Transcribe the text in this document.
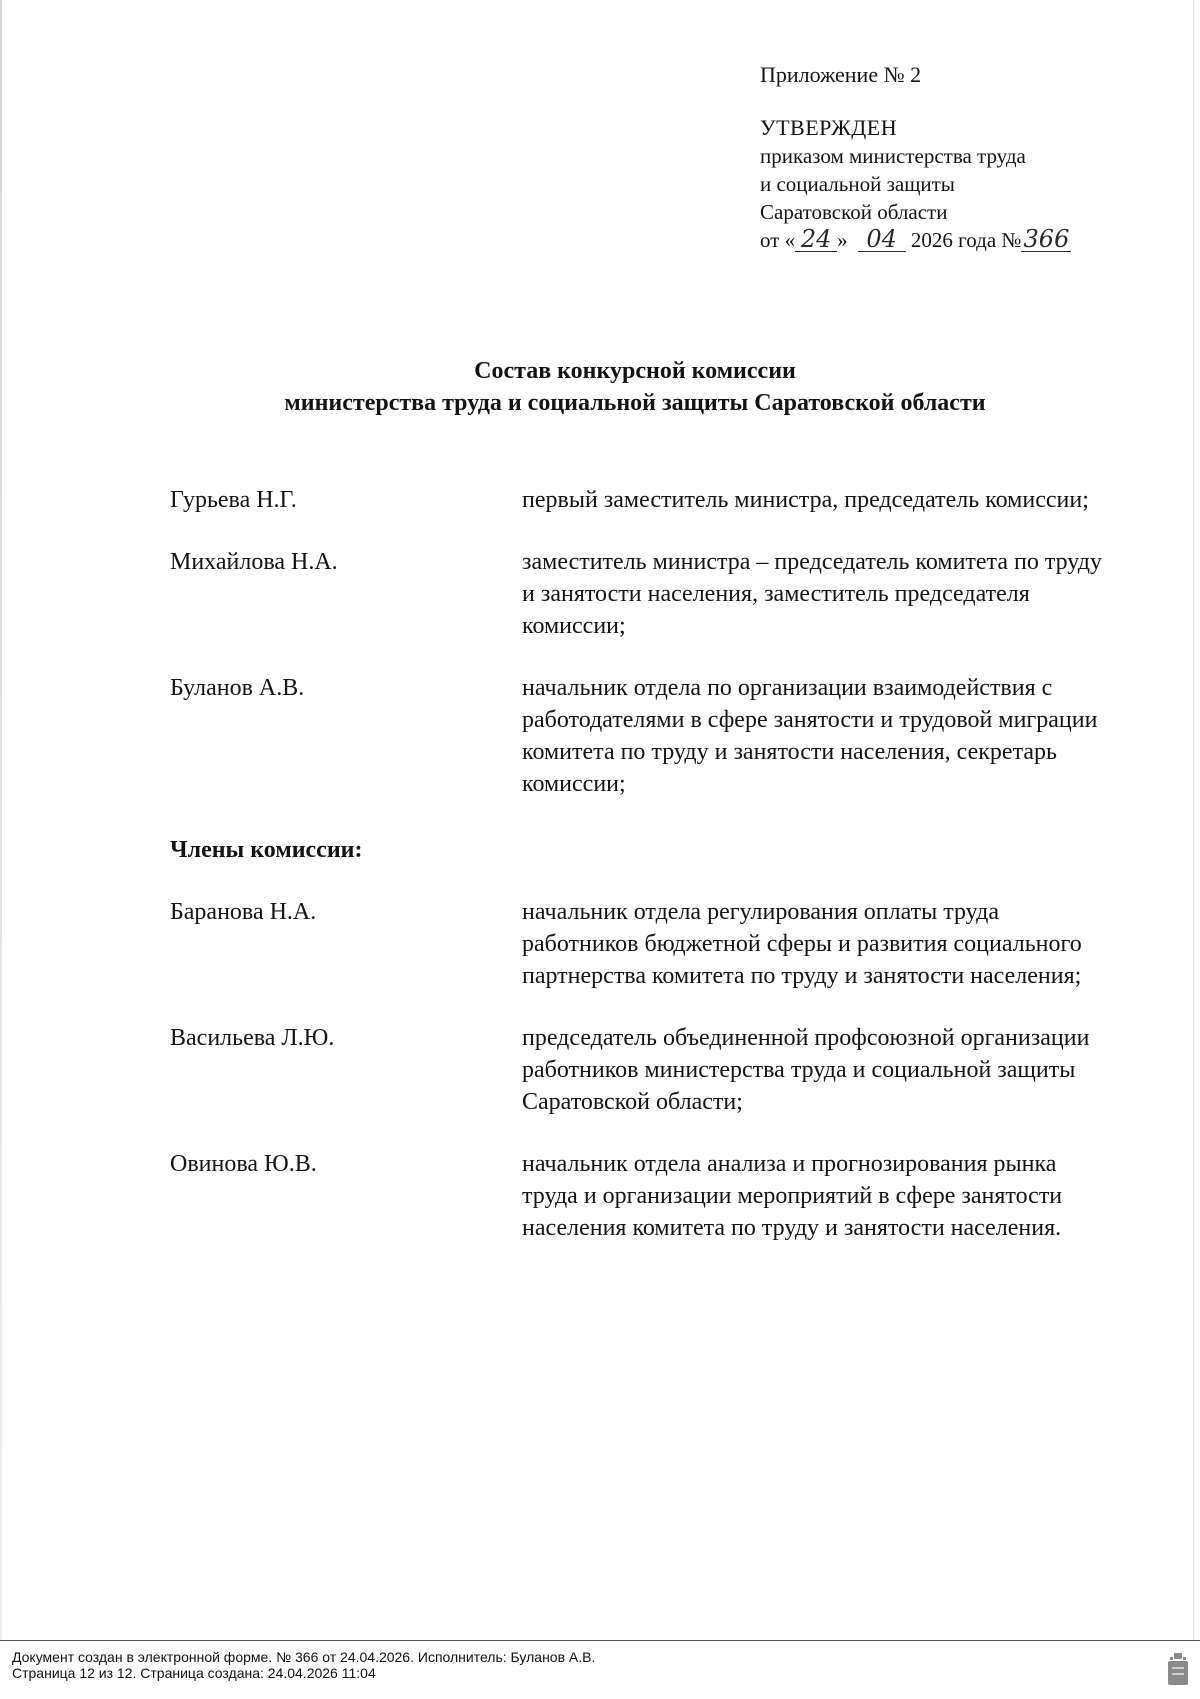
Приложение № 2
УТВЕРЖДЕН
приказом министерства труда
и социальной защиты
Саратовской области
от « 24 » 04 2026 года №366
Состав конкурсной комиссии
министерства труда и социальной защиты Саратовской области
Гурьева Н.Г.	первый заместитель министра, председатель комиссии;
Михайлова Н.А.	заместитель министра – председатель комитета по труду и занятости населения, заместитель председателя комиссии;
Буланов А.В.	начальник отдела по организации взаимодействия с работодателями в сфере занятости и трудовой миграции комитета по труду и занятости населения, секретарь комиссии;
Члены комиссии:
Баранова Н.А.	начальник отдела регулирования оплаты труда работников бюджетной сферы и развития социального партнерства комитета по труду и занятости населения;
Васильева Л.Ю.	председатель объединенной профсоюзной организации работников министерства труда и социальной защиты Саратовской области;
Овинова Ю.В.	начальник отдела анализа и прогнозирования рынка труда и организации мероприятий в сфере занятости населения комитета по труду и занятости населения.
Документ создан в электронной форме. № 366 от 24.04.2026. Исполнитель: Буланов А.В.
Страница 12 из 12. Страница создана: 24.04.2026 11:04
